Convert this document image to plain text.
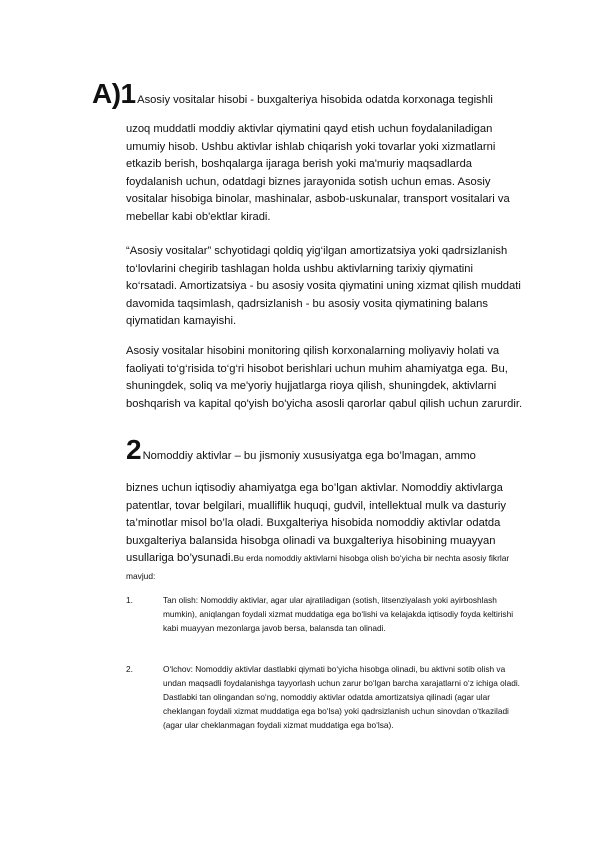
A)1Asosiy vositalar hisobi - buxgalteriya hisobida odatda korxonaga tegishli

uzoq muddatli moddiy aktivlar qiymatini qayd etish uchun foydalaniladigan umumiy hisob. Ushbu aktivlar ishlab chiqarish yoki tovarlar yoki xizmatlarni etkazib berish, boshqalarga ijaraga berish yoki ma'muriy maqsadlarda foydalanish uchun, odatdagi biznes jarayonida sotish uchun emas. Asosiy vositalar hisobiga binolar, mashinalar, asbob-uskunalar, transport vositalari va mebellar kabi ob'ektlar kiradi.

“Asosiy vositalar” schyotidagi qoldiq yig‘ilgan amortizatsiya yoki qadrsizlanish to‘lovlarini chegirib tashlagan holda ushbu aktivlarning tarixiy qiymatini ko‘rsatadi. Amortizatsiya - bu asosiy vosita qiymatini uning xizmat qilish muddati davomida taqsimlash, qadrsizlanish - bu asosiy vosita qiymatining balans qiymatidan kamayishi.

Asosiy vositalar hisobini monitoring qilish korxonalarning moliyaviy holati va faoliyati to‘g‘risida to‘g‘ri hisobot berishlari uchun muhim ahamiyatga ega. Bu, shuningdek, soliq va me'yoriy hujjatlarga rioya qilish, shuningdek, aktivlarni boshqarish va kapital qo'yish bo'yicha asosli qarorlar qabul qilish uchun zarurdir.

2Nomoddiy aktivlar – bu jismoniy xususiyatga ega bo’lmagan, ammo

biznes uchun iqtisodiy ahamiyatga ega bo’lgan aktivlar. Nomoddiy aktivlarga patentlar, tovar belgilari, mualliflik huquqi, gudvil, intellektual mulk va dasturiy ta’minotlar misol bo’la oladi. Buxgalteriya hisobida nomoddiy aktivlar odatda buxgalteriya balansida hisobga olinadi va buxgalteriya hisobining muayyan usullariga bo’ysunadi.Bu erda nomoddiy aktivlarni hisobga olish bo‘yicha bir nechta asosiy fikrlar mavjud:

1.	Tan olish: Nomoddiy aktivlar, agar ular ajratiladigan (sotish, litsenziyalash yoki ayirboshlash mumkin), aniqlangan foydali xizmat muddatiga ega bo‘lishi va kelajakda iqtisodiy foyda keltirishi kabi muayyan mezonlarga javob bersa, balansda tan olinadi.
2.	O‘lchov: Nomoddiy aktivlar dastlabki qiymati bo‘yicha hisobga olinadi, bu aktivni sotib olish va undan maqsadli foydalanishga tayyorlash uchun zarur bo‘lgan barcha xarajatlarni o‘z ichiga oladi. Dastlabki tan olingandan so‘ng, nomoddiy aktivlar odatda amortizatsiya qilinadi (agar ular cheklangan foydali xizmat muddatiga ega bo‘lsa) yoki qadrsizlanish uchun sinovdan o‘tkaziladi (agar ular cheklanmagan foydali xizmat muddatiga ega bo‘lsa).
